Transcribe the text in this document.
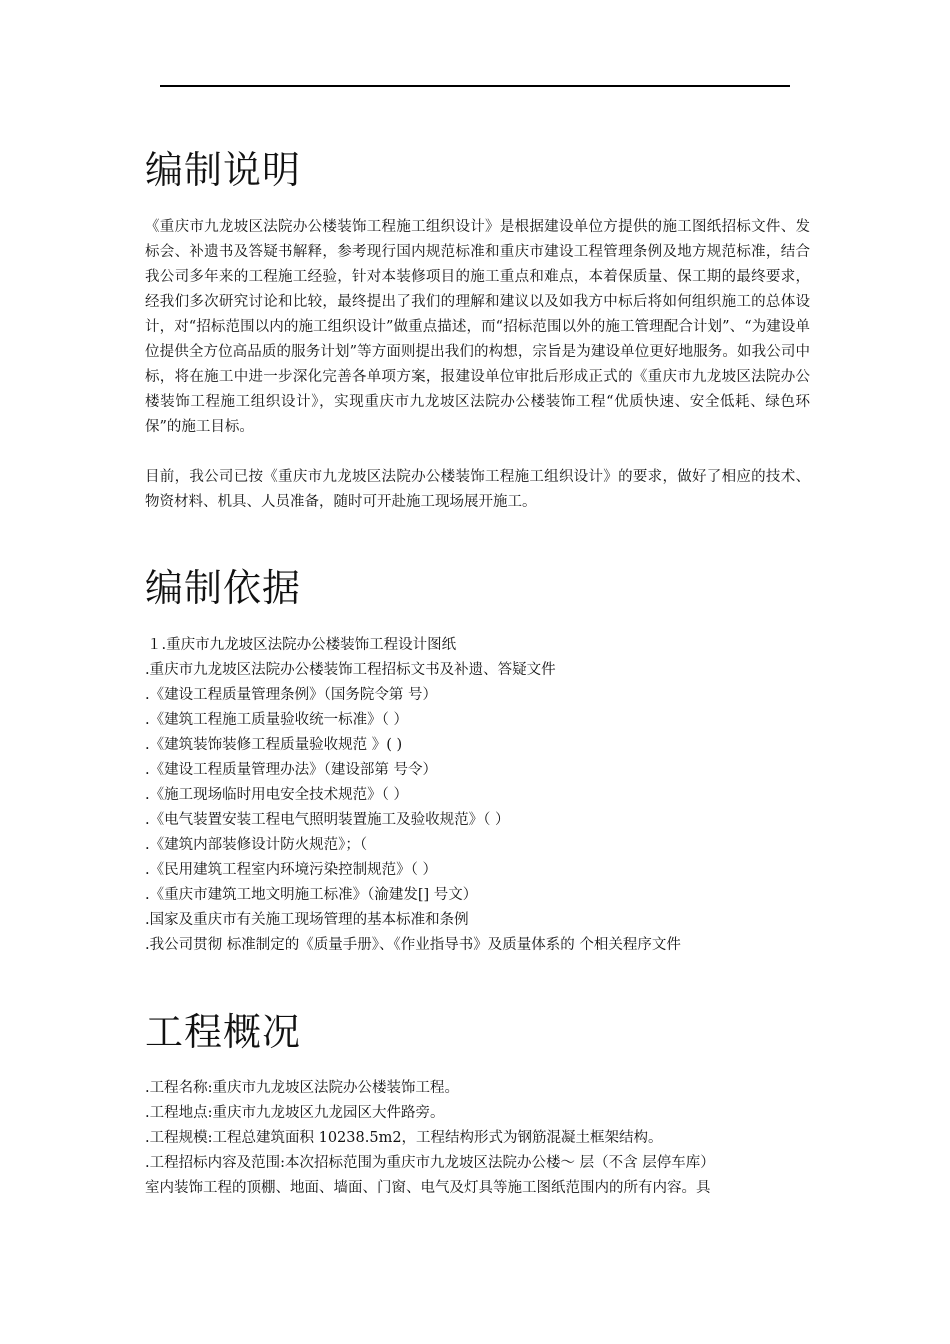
编制说明

《重庆市九龙坡区法院办公楼装饰工程施工组织设计》是根据建设单位方提供的施工图纸招标文件、发标会、补遗书及答疑书解释，参考现行国内规范标准和重庆市建设工程管理条例及地方规范标准，结合我公司多年来的工程施工经验，针对本装修项目的施工重点和难点，本着保质量、保工期的最终要求，经我们多次研究讨论和比较，最终提出了我们的理解和建议以及如我方中标后将如何组织施工的总体设计，对“招标范围以内的施工组织设计”做重点描述，而“招标范围以外的施工管理配合计划”、“为建设单位提供全方位高品质的服务计划”等方面则提出我们的构想，宗旨是为建设单位更好地服务。如我公司中标，将在施工中进一步深化完善各单项方案，报建设单位审批后形成正式的《重庆市九龙坡区法院办公楼装饰工程施工组织设计》，实现重庆市九龙坡区法院办公楼装饰工程“优质快速、安全低耗、绿色环保”的施工目标。

目前，我公司已按《重庆市九龙坡区法院办公楼装饰工程施工组织设计》的要求，做好了相应的技术、物资材料、机具、人员准备，随时可开赴施工现场展开施工。

编制依据
１.重庆市九龙坡区法院办公楼装饰工程设计图纸
.重庆市九龙坡区法院办公楼装饰工程招标文书及补遗、答疑文件
.《建设工程质量管理条例》（国务院令第 号）
.《建筑工程施工质量验收统一标准》（ ）
.《建筑装饰装修工程质量验收规范 》( )
.《建设工程质量管理办法》（建设部第 号令）
.《施工现场临时用电安全技术规范》（ ）
.《电气装置安装工程电气照明装置施工及验收规范》（ ）
.《建筑内部装修设计防火规范》；（
.《民用建筑工程室内环境污染控制规范》（ ）
.《重庆市建筑工地文明施工标准》（渝建发[] 号文）
.国家及重庆市有关施工现场管理的基本标准和条例
.我公司贯彻 标准制定的《质量手册》、《作业指导书》及质量体系的 个相关程序文件
工程概况
.工程名称:重庆市九龙坡区法院办公楼装饰工程。
.工程地点:重庆市九龙坡区九龙园区大件路旁。
.工程规模:工程总建筑面积 10238.5m2，工程结构形式为钢筋混凝土框架结构。
.工程招标内容及范围:本次招标范围为重庆市九龙坡区法院办公楼～ 层（不含 层停车库）
室内装饰工程的顶棚、地面、墙面、门窗、电气及灯具等施工图纸范围内的所有内容。具
